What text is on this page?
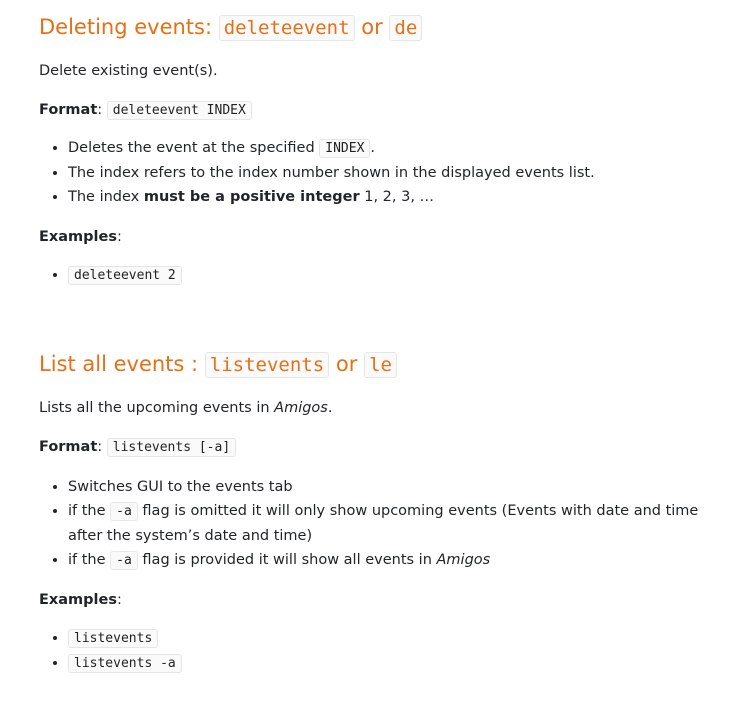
Deleting events: deleteevent or de
Delete existing event(s).
Format: deleteevent INDEX
• Deletes the event at the specified INDEX .
• The index refers to the index number shown in the displayed events list.
• The index must be a positive integer 1, 2, 3, …
Examples:
• deleteevent 2
List all events : listevents or le
Lists all the upcoming events in Amigos.
Format: listevents [-a]
• Switches GUI to the events tab
• if the -a flag is omitted it will only show upcoming events (Events with date and time after the system’s date and time)
• if the -a flag is provided it will show all events in Amigos
Examples:
• listevents
• listevents -a
